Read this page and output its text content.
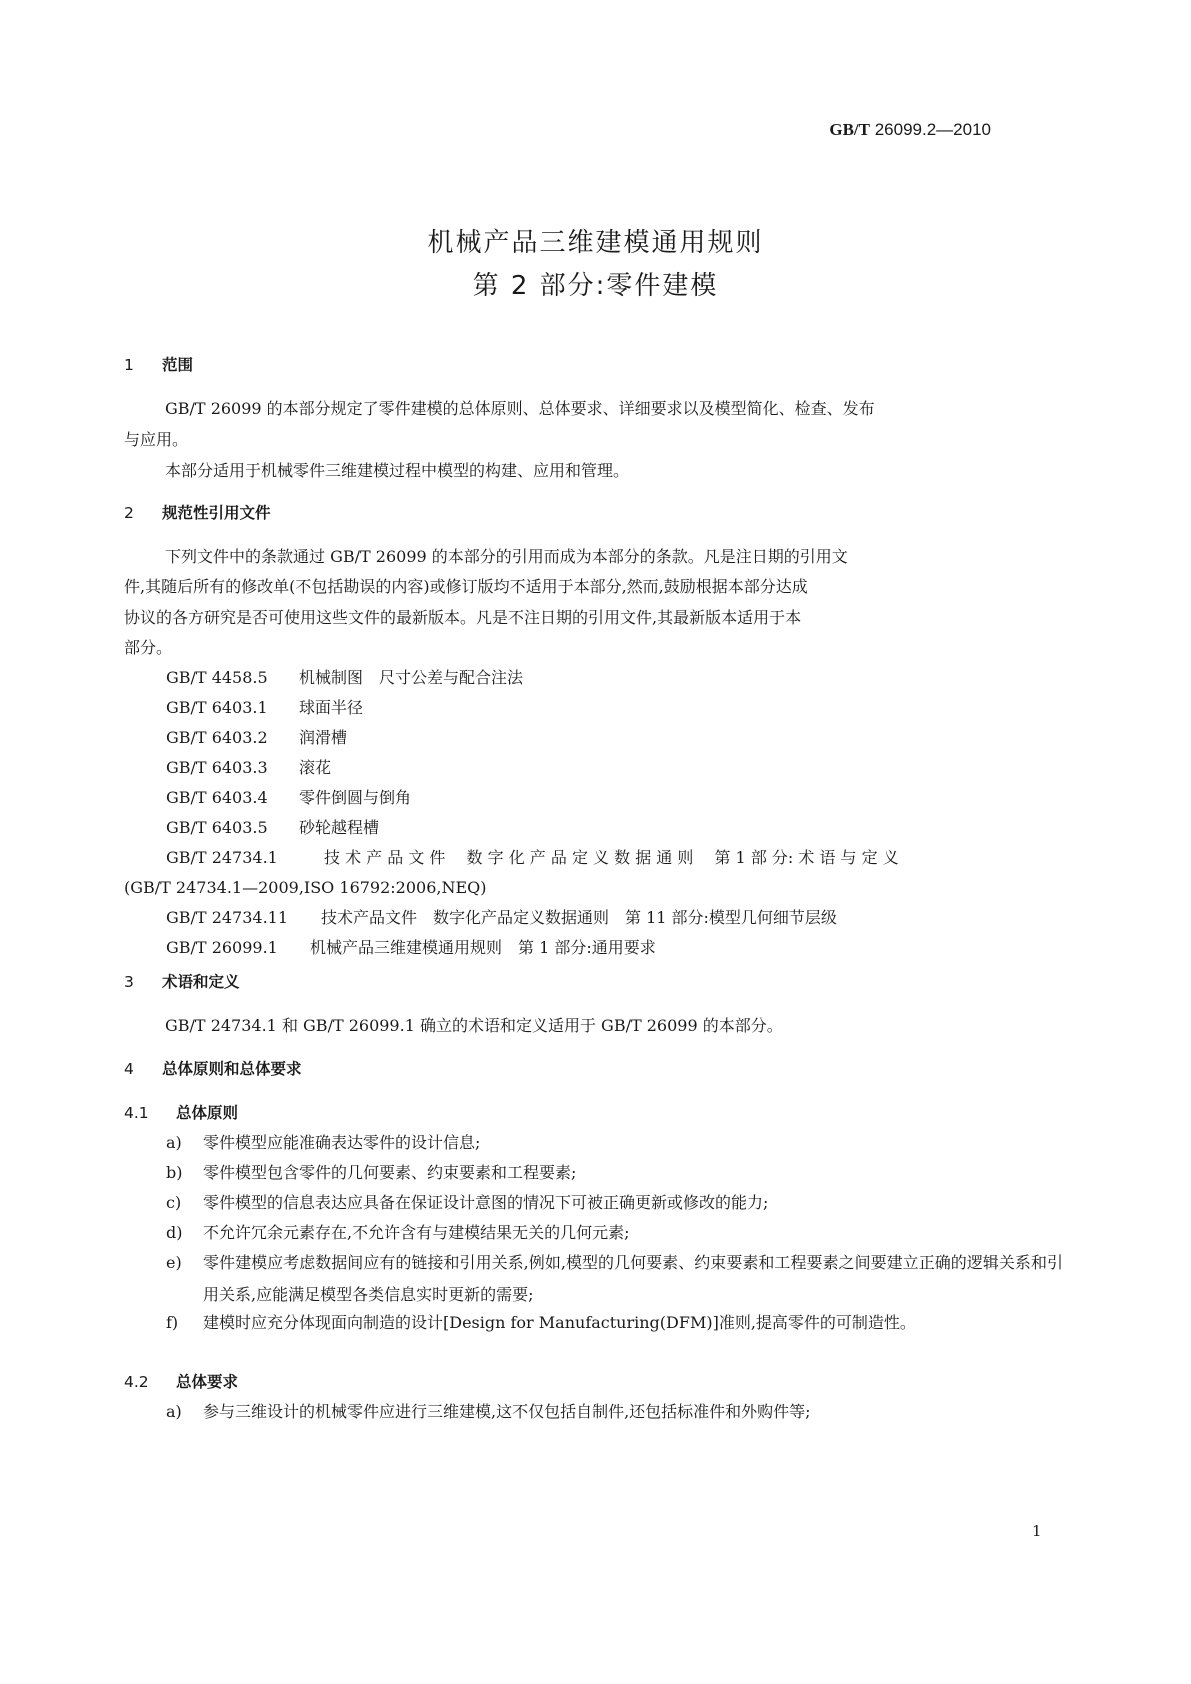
GB/T 26099.2—2010
机械产品三维建模通用规则
第 2 部分:零件建模
1 范围
GB/T 26099 的本部分规定了零件建模的总体原则、总体要求、详细要求以及模型简化、检查、发布
与应用。
本部分适用于机械零件三维建模过程中模型的构建、应用和管理。
2 规范性引用文件
下列文件中的条款通过 GB/T 26099 的本部分的引用而成为本部分的条款。凡是注日期的引用文
件,其随后所有的修改单(不包括勘误的内容)或修订版均不适用于本部分,然而,鼓励根据本部分达成
协议的各方研究是否可使用这些文件的最新版本。凡是不注日期的引用文件,其最新版本适用于本
部分。
GB/T 4458.5 机械制图　尺寸公差与配合注法
GB/T 6403.1 球面半径
GB/T 6403.2 润滑槽
GB/T 6403.3 滚花
GB/T 6403.4 零件倒圆与倒角
GB/T 6403.5 砂轮越程槽
GB/T 24734.1	技 术 产 品 文 件　 数 字 化 产 品 定 义 数 据 通 则　 第 1 部 分: 术 语 与 定 义
(GB/T 24734.1—2009,ISO 16792:2006,NEQ)
GB/T 24734.11 技术产品文件　数字化产品定义数据通则　第 11 部分:模型几何细节层级
GB/T 26099.1 机械产品三维建模通用规则　第 1 部分:通用要求
3 术语和定义
GB/T 24734.1 和 GB/T 26099.1 确立的术语和定义适用于 GB/T 26099 的本部分。
4 总体原则和总体要求
4.1 总体原则
a) 零件模型应能准确表达零件的设计信息;
b) 零件模型包含零件的几何要素、约束要素和工程要素;
c) 零件模型的信息表达应具备在保证设计意图的情况下可被正确更新或修改的能力;
d) 不允许冗余元素存在,不允许含有与建模结果无关的几何元素;
e) 零件建模应考虑数据间应有的链接和引用关系,例如,模型的几何要素、约束要素和工程要素之间要建立正确的逻辑关系和引用关系,应能满足模型各类信息实时更新的需要;
f) 建模时应充分体现面向制造的设计[Design for Manufacturing(DFM)]准则,提高零件的可制造性。
4.2 总体要求
a) 参与三维设计的机械零件应进行三维建模,这不仅包括自制件,还包括标准件和外购件等;
1
